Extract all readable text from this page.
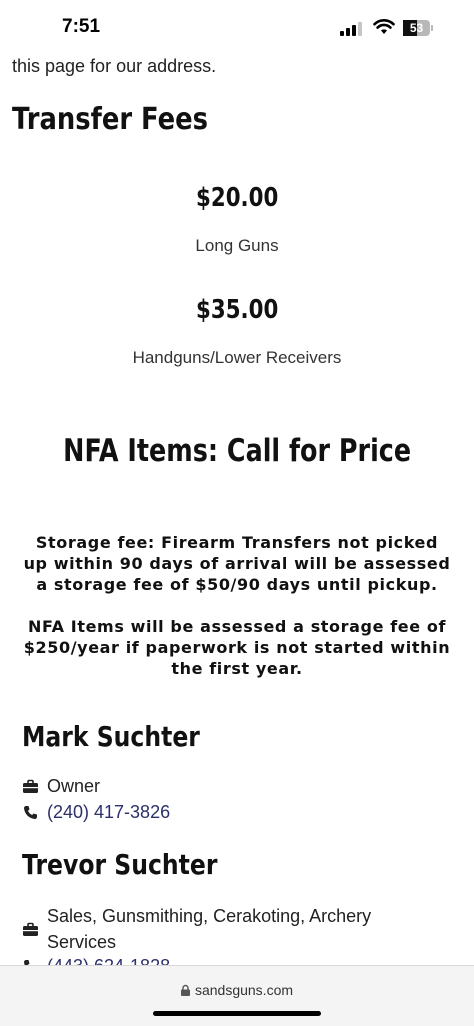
7:51	53
this page for our address.
Transfer Fees
$20.00
Long Guns
$35.00
Handguns/Lower Receivers
NFA Items: Call for Price
Storage fee: Firearm Transfers not picked up within 90 days of arrival will be assessed a storage fee of $50/90 days until pickup.
NFA Items will be assessed a storage fee of $250/year if paperwork is not started within the first year.
Mark Suchter
Owner
(240) 417-3826
Trevor Suchter
Sales, Gunsmithing, Cerakoting, Archery Services
sandsguns.com
